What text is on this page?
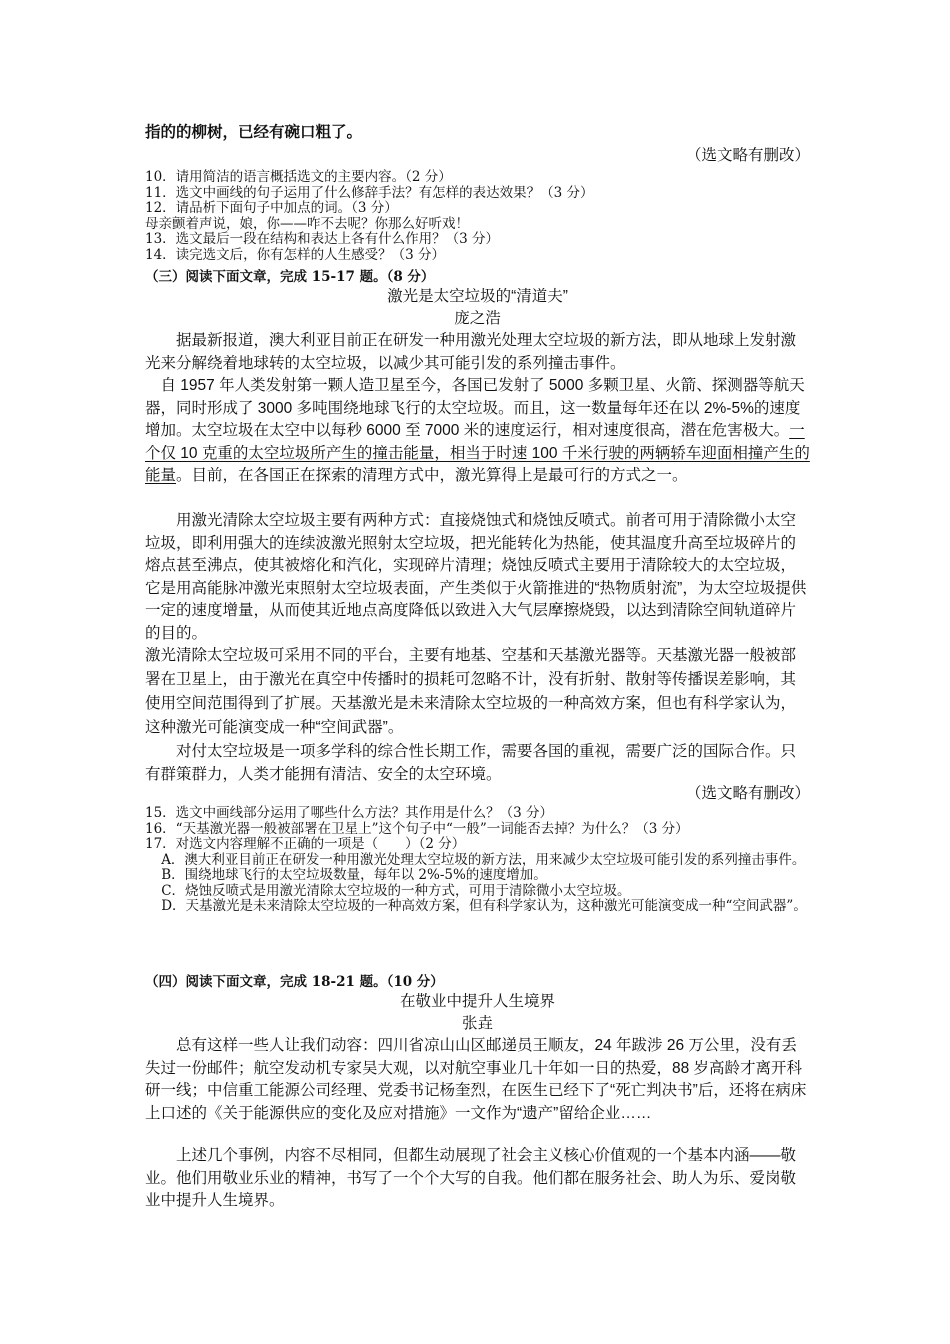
指的的柳树，已经有碗口粗了。

（选文略有删改）

10．请用简洁的语言概括选文的主要内容。（2 分）
11．选文中画线的句子运用了什么修辞手法？有怎样的表达效果？（3 分）
12．请品析下面句子中加点的词。（3 分）
母亲颤着声说，娘，你——咋不去呢？你那么好听戏！
13．选文最后一段在结构和表达上各有什么作用？（3 分）
14．读完选文后，你有怎样的人生感受？（3 分）

（三）阅读下面文章，完成 15-17 题。（8 分）

激光是太空垃圾的“清道夫”

庞之浩

据最新报道，澳大利亚目前正在研发一种用激光处理太空垃圾的新方法，即从地球上发射激光来分解绕着地球转的太空垃圾，以减少其可能引发的系列撞击事件。

自 1957 年人类发射第一颗人造卫星至今，各国已发射了 5000 多颗卫星、火箭、探测器等航天器，同时形成了 3000 多吨围绕地球飞行的太空垃圾。而且，这一数量每年还在以 2%-5%的速度增加。太空垃圾在太空中以每秒 6000 至 7000 米的速度运行，相对速度很高，潜在危害极大。一个仅 10 克重的太空垃圾所产生的撞击能量，相当于时速 100 千米行驶的两辆轿车迎面相撞产生的能量。目前，在各国正在探索的清理方式中，激光算得上是最可行的方式之一。

用激光清除太空垃圾主要有两种方式：直接烧蚀式和烧蚀反喷式。前者可用于清除微小太空垃圾，即利用强大的连续波激光照射太空垃圾，把光能转化为热能，使其温度升高至垃圾碎片的熔点甚至沸点，使其被熔化和汽化，实现碎片清理；烧蚀反喷式主要用于清除较大的太空垃圾，它是用高能脉冲激光束照射太空垃圾表面，产生类似于火箭推进的“热物质射流”，为太空垃圾提供一定的速度增量，从而使其近地点高度降低以致进入大气层摩擦烧毁，以达到清除空间轨道碎片的目的。

激光清除太空垃圾可采用不同的平台，主要有地基、空基和天基激光器等。天基激光器一般被部署在卫星上，由于激光在真空中传播时的损耗可忽略不计，没有折射、散射等传播误差影响，其使用空间范围得到了扩展。天基激光是未来清除太空垃圾的一种高效方案，但也有科学家认为，这种激光可能演变成一种“空间武器”。

对付太空垃圾是一项多学科的综合性长期工作，需要各国的重视，需要广泛的国际合作。只有群策群力，人类才能拥有清洁、安全的太空环境。

（选文略有删改）

15．选文中画线部分运用了哪些什么方法？其作用是什么？（3 分）
16．“天基激光器一般被部署在卫星上”这个句子中“一般”一词能否去掉？为什么？（3 分）
17．对选文内容理解不正确的一项是（　　）（2 分）
A．澳大利亚目前正在研发一种用激光处理太空垃圾的新方法，用来减少太空垃圾可能引发的系列撞击事件。
B．围绕地球飞行的太空垃圾数量，每年以 2%-5%的速度增加。
C．烧蚀反喷式是用激光清除太空垃圾的一种方式，可用于清除微小太空垃圾。
D．天基激光是未来清除太空垃圾的一种高效方案，但有科学家认为，这种激光可能演变成一种“空间武器”。

（四）阅读下面文章，完成 18-21 题。（10 分）

在敬业中提升人生境界

张垚

总有这样一些人让我们动容：四川省凉山山区邮递员王顺友，24 年跋涉 26 万公里，没有丢失过一份邮件；航空发动机专家吴大观，以对航空事业几十年如一日的热爱，88 岁高龄才离开科研一线；中信重工能源公司经理、党委书记杨奎烈，在医生已经下了“死亡判决书”后，还将在病床上口述的《关于能源供应的变化及应对措施》一文作为“遗产”留给企业……

上述几个事例，内容不尽相同，但都生动展现了社会主义核心价值观的一个基本内涵——敬业。他们用敬业乐业的精神，书写了一个个大写的自我。他们都在服务社会、助人为乐、爱岗敬业中提升人生境界。
